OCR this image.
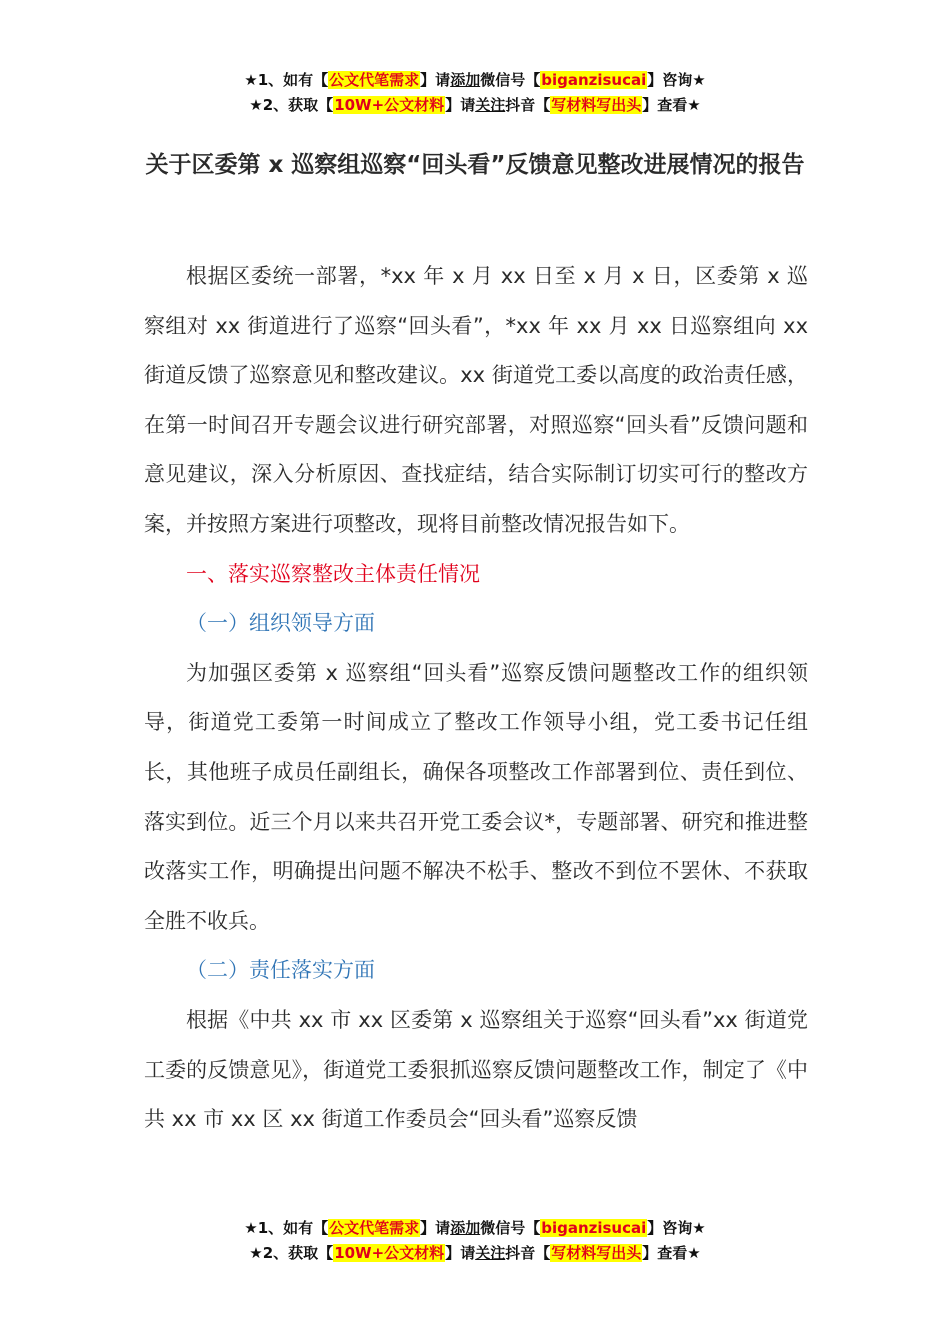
★1、如有【公文代笔需求】请添加微信号【biganzisucai】咨询★
★2、获取【10W+公文材料】请关注抖音【写材料写出头】查看★
关于区委第 x 巡察组巡察“回头看”反馈意见整改进展情况的报告

根据区委统一部署，*xx 年 x 月 xx 日至 x 月 x 日，区委第 x 巡察组对 xx 街道进行了巡察“回头看”，*xx 年 xx 月 xx 日巡察组向 xx 街道反馈了巡察意见和整改建议。xx 街道党工委以高度的政治责任感，在第一时间召开专题会议进行研究部署，对照巡察“回头看”反馈问题和意见建议，深入分析原因、查找症结，结合实际制订切实可行的整改方案，并按照方案进行项整改，现将目前整改情况报告如下。

一、落实巡察整改主体责任情况

（一）组织领导方面

为加强区委第 x 巡察组“回头看”巡察反馈问题整改工作的组织领导，街道党工委第一时间成立了整改工作领导小组，党工委书记任组长，其他班子成员任副组长，确保各项整改工作部署到位、责任到位、落实到位。近三个月以来共召开党工委会议*，专题部署、研究和推进整改落实工作，明确提出问题不解决不松手、整改不到位不罢休、不获取全胜不收兵。

（二）责任落实方面

根据《中共 xx 市 xx 区委第 x 巡察组关于巡察“回头看”xx 街道党工委的反馈意见》，街道党工委狠抓巡察反馈问题整改工作，制定了《中共 xx 市 xx 区 xx 街道工作委员会“回头看”巡察反馈

★1、如有【公文代笔需求】请添加微信号【biganzisucai】咨询★
★2、获取【10W+公文材料】请关注抖音【写材料写出头】查看★
